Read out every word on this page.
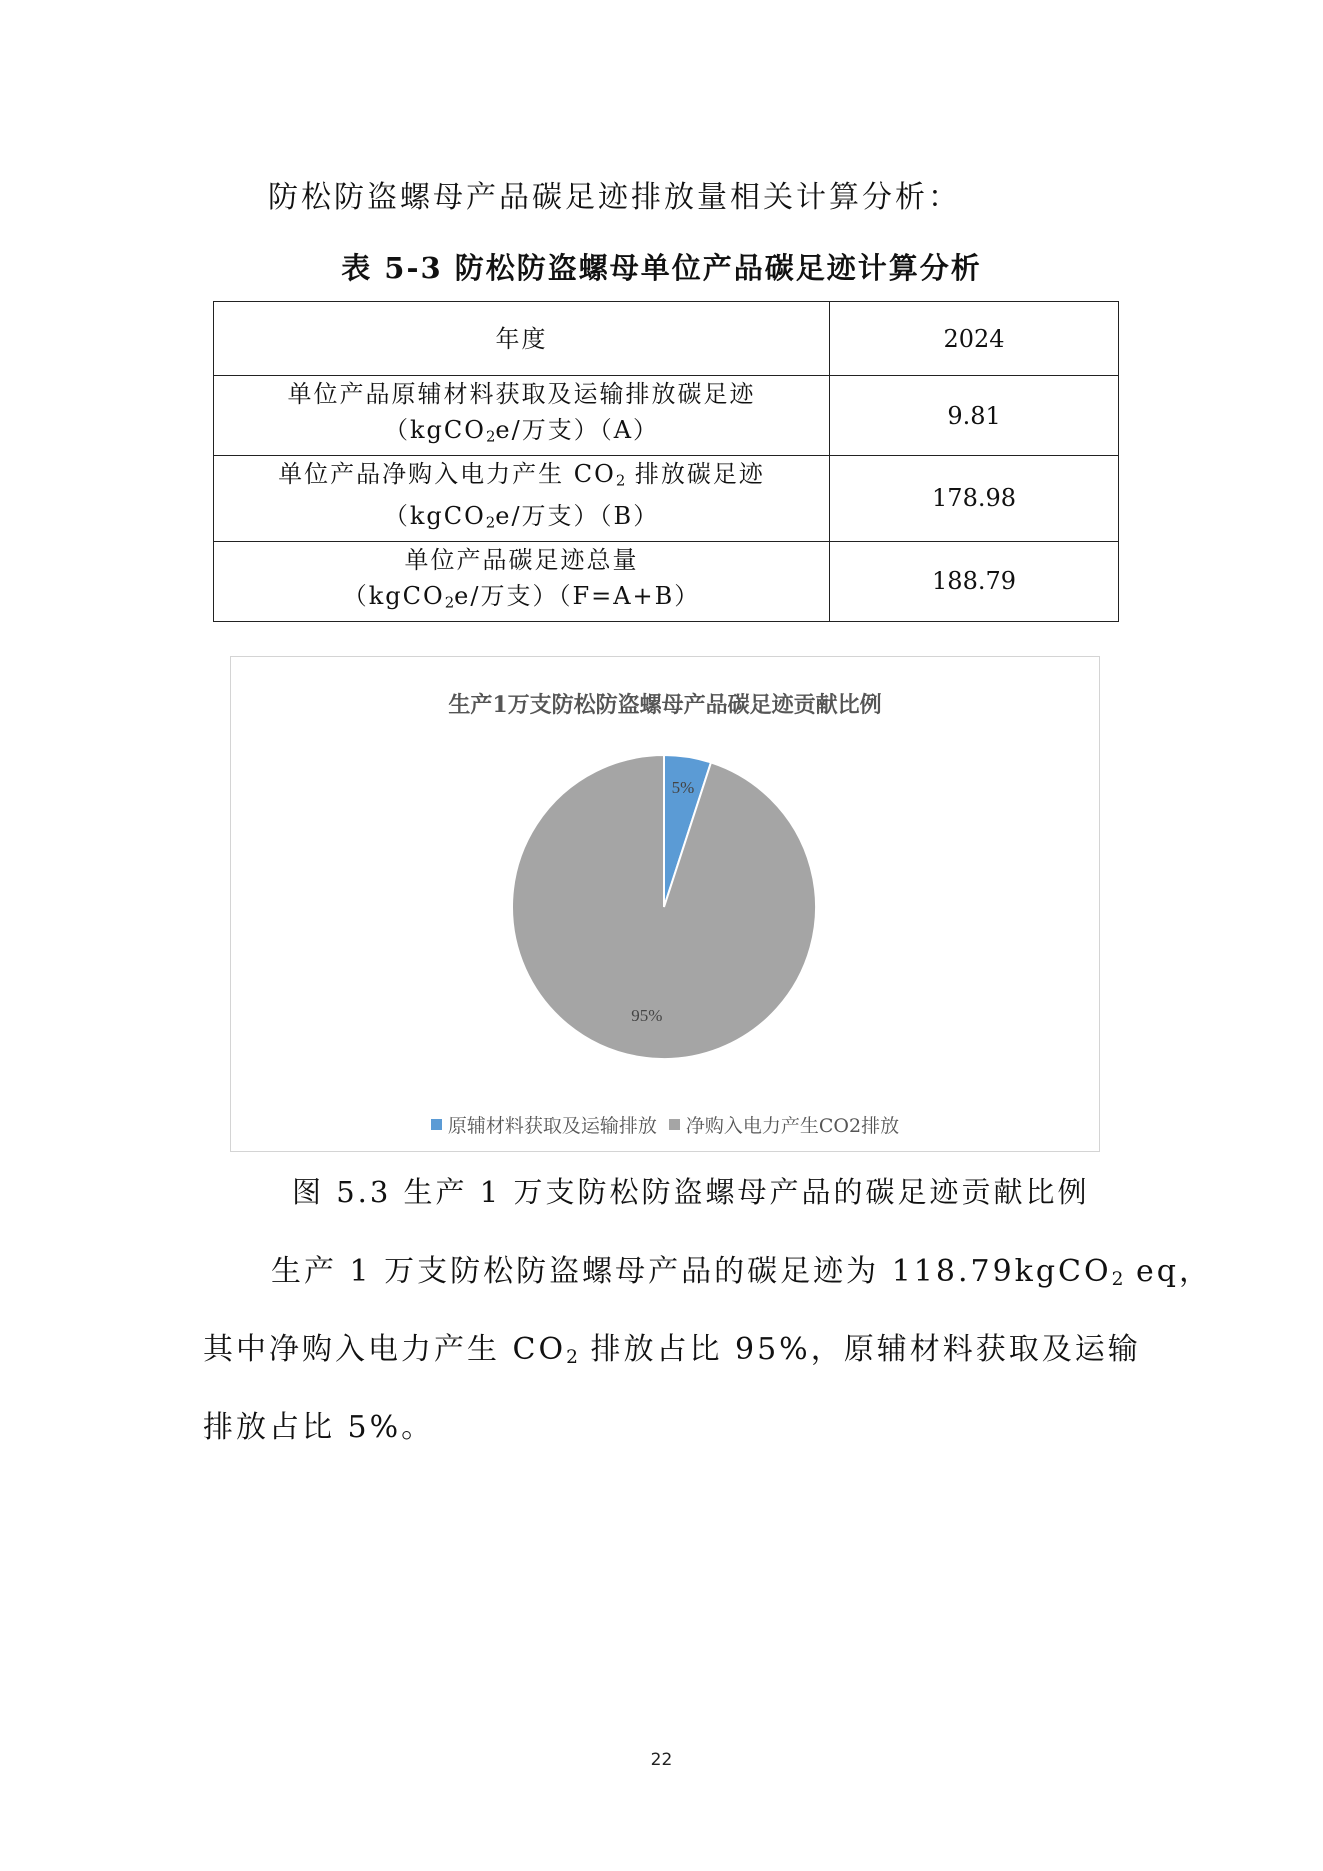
防松防盗螺母产品碳足迹排放量相关计算分析：
表 5-3 防松防盗螺母单位产品碳足迹计算分析
年度	2024

单位产品原辅材料获取及运输排放碳足迹
（kgCO$_2$e/万支）（A）	9.81

单位产品净购入电力产生 $CO_2$ 排放碳足迹
（kgCO$_2$e/万支）（B）	178.98

单位产品碳足迹总量
（kgCO$_2$e/万支）（F=A+B）	188.79
生产1万支防松防盗螺母产品碳足迹贡献比例
5%
95%
原辅材料获取及运输排放 净购入电力产生CO2排放
图 5.3 生产 1 万支防松防盗螺母产品的碳足迹贡献比例
生产 1 万支防松防盗螺母产品的碳足迹为 118.79kgCO$_2$ eq，
其中净购入电力产生 $CO_2$ 排放占比 95%，原辅材料获取及运输
排放占比 5%。
22
